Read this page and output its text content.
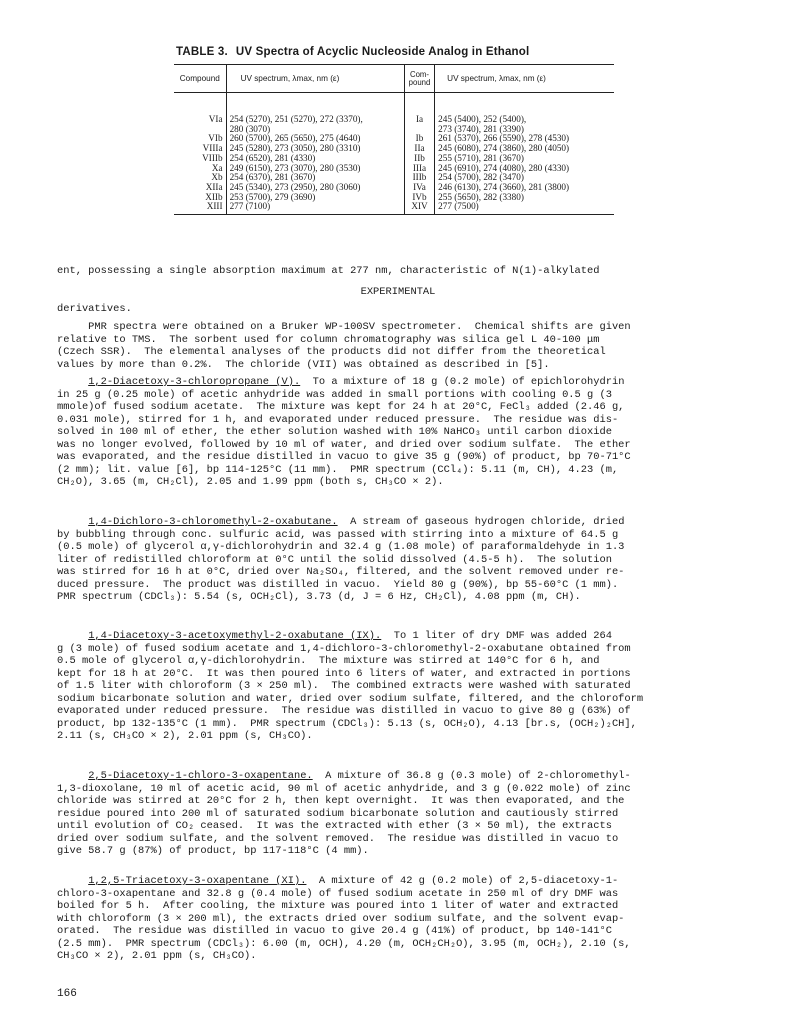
TABLE 3. UV Spectra of Acyclic Nucleoside Analog in Ethanol
Compound	UV spectrum, λmax, nm (ε)	Com-pound	UV spectrum, λmax, nm (ε)
VIa	254 (5270), 251 (5270), 272 (3370),	Ia	245 (5400), 252 (5400),
	280 (3070)		273 (3740), 281 (3390)
VIb	260 (5700), 265 (5650), 275 (4640)	Ib	261 (5370), 266 (5590), 278 (4530)
VIIIa	245 (5280), 273 (3050), 280 (3310)	IIa	245 (6080), 274 (3860), 280 (4050)
VIIIb	254 (6520), 281 (4330)	IIb	255 (5710), 281 (3670)
Xa	249 (6150), 273 (3070), 280 (3530)	IIIa	245 (6910), 274 (4080), 280 (4330)
Xb	254 (6370), 281 (3670)	IIIb	254 (5700), 282 (3470)
XIIa	245 (5340), 273 (2950), 280 (3060)	IVa	246 (6130), 274 (3660), 281 (3800)
XIIb	253 (5700), 279 (3690)	IVb	255 (5650), 282 (3380)
XIII	277 (7100)	XIV	277 (7500)

ent, possessing a single absorption maximum at 277 nm, characteristic of N(1)-alkylated

derivatives.

EXPERIMENTAL
PMR spectra were obtained on a Bruker WP-100SV spectrometer.  Chemical shifts are given
relative to TMS.  The sorbent used for column chromatography was silica gel L 40-100 μm
(Czech SSR).  The elemental analyses of the products did not differ from the theoretical
values by more than 0.2%.  The chloride (VII) was obtained as described in [5].
1,2-Diacetoxy-3-chloropropane (V).  To a mixture of 18 g (0.2 mole) of epichlorohydrin
in 25 g (0.25 mole) of acetic anhydride was added in small portions with cooling 0.5 g (3
mmole)of fused sodium acetate.  The mixture was kept for 24 h at 20°C, FeCl₃ added (2.46 g,
0.031 mole), stirred for 1 h, and evaporated under reduced pressure.  The residue was dis-
solved in 100 ml of ether, the ether solution washed with 10% NaHCO₃ until carbon dioxide
was no longer evolved, followed by 10 ml of water, and dried over sodium sulfate.  The ether
was evaporated, and the residue distilled in vacuo to give 35 g (90%) of product, bp 70-71°C
(2 mm); lit. value [6], bp 114-125°C (11 mm).  PMR spectrum (CCl₄): 5.11 (m, CH), 4.23 (m,
CH₂O), 3.65 (m, CH₂Cl), 2.05 and 1.99 ppm (both s, CH₃CO × 2).
1,4-Dichloro-3-chloromethyl-2-oxabutane.  A stream of gaseous hydrogen chloride, dried
by bubbling through conc. sulfuric acid, was passed with stirring into a mixture of 64.5 g
(0.5 mole) of glycerol α,γ-dichlorohydrin and 32.4 g (1.08 mole) of paraformaldehyde in 1.3
liter of redistilled chloroform at 0°C until the solid dissolved (4.5-5 h).  The solution
was stirred for 16 h at 0°C, dried over Na₂SO₄, filtered, and the solvent removed under re-
duced pressure.  The product was distilled in vacuo.  Yield 80 g (90%), bp 55-60°C (1 mm).
PMR spectrum (CDCl₃): 5.54 (s, OCH₂Cl), 3.73 (d, J = 6 Hz, CH₂Cl), 4.08 ppm (m, CH).
1,4-Diacetoxy-3-acetoxymethyl-2-oxabutane (IX).  To 1 liter of dry DMF was added 264
g (3 mole) of fused sodium acetate and 1,4-dichloro-3-chloromethyl-2-oxabutane obtained from
0.5 mole of glycerol α,γ-dichlorohydrin.  The mixture was stirred at 140°C for 6 h, and
kept for 18 h at 20°C.  It was then poured into 6 liters of water, and extracted in portions
of 1.5 liter with chloroform (3 × 250 ml).  The combined extracts were washed with saturated
sodium bicarbonate solution and water, dried over sodium sulfate, filtered, and the chloroform
evaporated under reduced pressure.  The residue was distilled in vacuo to give 80 g (63%) of
product, bp 132-135°C (1 mm).  PMR spectrum (CDCl₃): 5.13 (s, OCH₂O), 4.13 [br.s, (OCH₂)₂CH],
2.11 (s, CH₃CO × 2), 2.01 ppm (s, CH₃CO).
2,5-Diacetoxy-1-chloro-3-oxapentane.  A mixture of 36.8 g (0.3 mole) of 2-chloromethyl-
1,3-dioxolane, 10 ml of acetic acid, 90 ml of acetic anhydride, and 3 g (0.022 mole) of zinc
chloride was stirred at 20°C for 2 h, then kept overnight.  It was then evaporated, and the
residue poured into 200 ml of saturated sodium bicarbonate solution and cautiously stirred
until evolution of CO₂ ceased.  It was the extracted with ether (3 × 50 ml), the extracts
dried over sodium sulfate, and the solvent removed.  The residue was distilled in vacuo to
give 58.7 g (87%) of product, bp 117-118°C (4 mm).
1,2,5-Triacetoxy-3-oxapentane (XI).  A mixture of 42 g (0.2 mole) of 2,5-diacetoxy-1-
chloro-3-oxapentane and 32.8 g (0.4 mole) of fused sodium acetate in 250 ml of dry DMF was
boiled for 5 h.  After cooling, the mixture was poured into 1 liter of water and extracted
with chloroform (3 × 200 ml), the extracts dried over sodium sulfate, and the solvent evap-
orated.  The residue was distilled in vacuo to give 20.4 g (41%) of product, bp 140-141°C
(2.5 mm).  PMR spectrum (CDCl₃): 6.00 (m, OCH), 4.20 (m, OCH₂CH₂O), 3.95 (m, OCH₂), 2.10 (s,
CH₃CO × 2), 2.01 ppm (s, CH₃CO).
166
